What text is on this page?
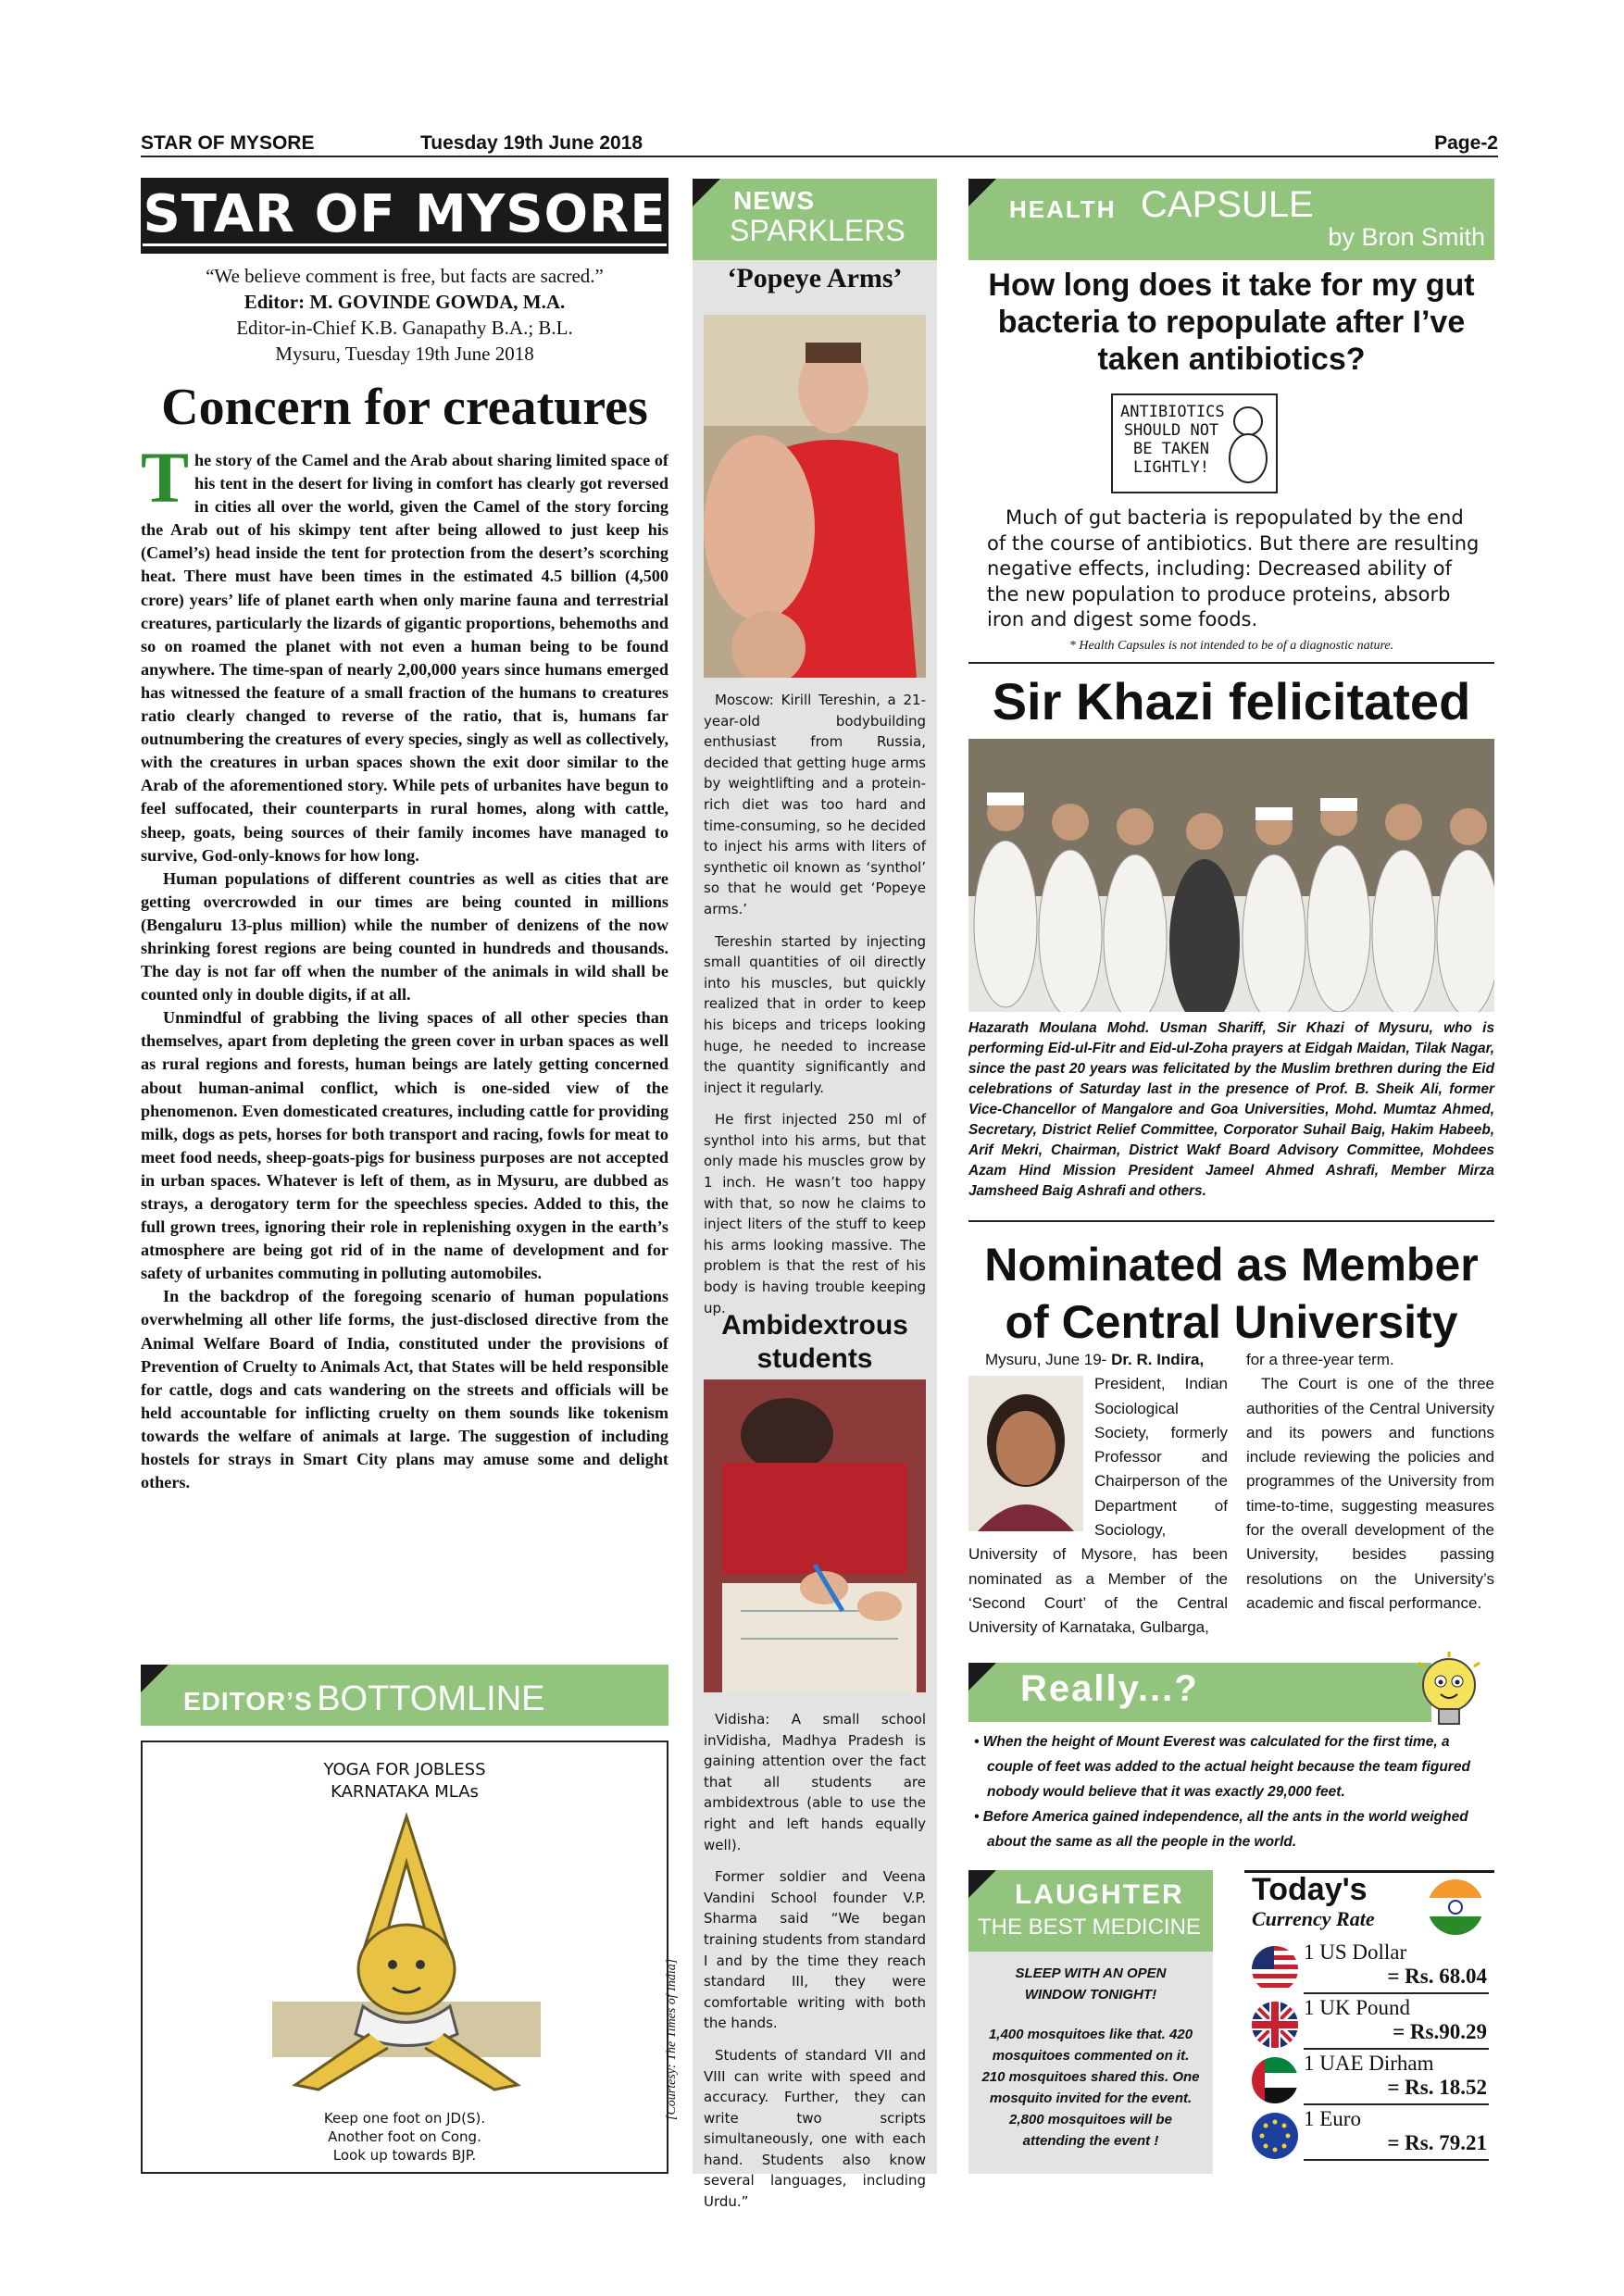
STAR OF MYSORE	Tuesday 19th June 2018	Page-2
STAR OF MYSORE
“We believe comment is free, but facts are sacred.”
Editor: M. GOVINDE GOWDA, M.A.
Editor-in-Chief K.B. Ganapathy B.A.; B.L.
Mysuru, Tuesday 19th June 2018
Concern for creatures

The story of the Camel and the Arab about sharing limited space of his tent in the desert for living in comfort has clearly got reversed in cities all over the world, given the Camel of the story forcing the Arab out of his skimpy tent after being allowed to just keep his (Camel’s) head inside the tent for protection from the desert’s scorching heat. There must have been times in the estimated 4.5 billion (4,500 crore) years’ life of planet earth when only marine fauna and terrestrial creatures, particularly the lizards of gigantic proportions, behemoths and so on roamed the planet with not even a human being to be found anywhere. The time-span of nearly 2,00,000 years since humans emerged has witnessed the feature of a small fraction of the humans to creatures ratio clearly changed to reverse of the ratio, that is, humans far outnumbering the creatures of every species, singly as well as collectively, with the creatures in urban spaces shown the exit door similar to the Arab of the aforementioned story. While pets of urbanites have begun to feel suffocated, their counterparts in rural homes, along with cattle, sheep, goats, being sources of their family incomes have managed to survive, God-only-knows for how long.

Human populations of different countries as well as cities that are getting overcrowded in our times are being counted in millions (Bengaluru 13-plus million) while the number of denizens of the now shrinking forest regions are being counted in hundreds and thousands. The day is not far off when the number of the animals in wild shall be counted only in double digits, if at all.

Unmindful of grabbing the living spaces of all other species than themselves, apart from depleting the green cover in urban spaces as well as rural regions and forests, human beings are lately getting concerned about human-animal conflict, which is one-sided view of the phenomenon. Even domesticated creatures, including cattle for providing milk, dogs as pets, horses for both transport and racing, fowls for meat to meet food needs, sheep-goats-pigs for business purposes are not accepted in urban spaces. Whatever is left of them, as in Mysuru, are dubbed as strays, a derogatory term for the speechless species. Added to this, the full grown trees, ignoring their role in replenishing oxygen in the earth’s atmosphere are being got rid of in the name of development and for safety of urbanites commuting in polluting automobiles.

In the backdrop of the foregoing scenario of human populations overwhelming all other life forms, the just-disclosed directive from the Animal Welfare Board of India, constituted under the provisions of Prevention of Cruelty to Animals Act, that States will be held responsible for cattle, dogs and cats wandering on the streets and officials will be held accountable for inflicting cruelty on them sounds like tokenism towards the welfare of animals at large. The suggestion of including hostels for strays in Smart City plans may amuse some and delight others.

EDITOR’S BOTTOMLINE
YOGA FOR JOBLESS
KARNATAKA MLAs
Keep one foot on JD(S).
Another foot on Cong.
Look up towards BJP.
NEWS
SPARKLERS
‘Popeye Arms’

Moscow: Kirill Tereshin, a 21-year-old bodybuilding enthusiast from Russia, decided that getting huge arms by weightlifting and a protein-rich diet was too hard and time-consuming, so he decided to inject his arms with liters of synthetic oil known as ‘synthol’ so that he would get ‘Popeye arms.’

Tereshin started by injecting small quantities of oil directly into his muscles, but quickly realized that in order to keep his biceps and triceps looking huge, he needed to increase the quantity significantly and inject it regularly.

He first injected 250 ml of synthol into his arms, but that only made his muscles grow by 1 inch. He wasn’t too happy with that, so now he claims to inject liters of the stuff to keep his arms looking massive. The problem is that the rest of his body is having trouble keeping up.

Ambidextrous
students

Vidisha: A small school inVidisha, Madhya Pradesh is gaining attention over the fact that all students are ambidextrous (able to use the right and left hands equally well).

Former soldier and Veena Vandini School founder V.P. Sharma said “We began training students from standard I and by the time they reach standard III, they were comfortable writing with both the hands.

Students of standard VII and VIII can write with speed and accuracy. Further, they can write two scripts simultaneously, one with each hand. Students also know several languages, including Urdu.”

[Courtesy: The Times of India]
HEALTH CAPSULE
by Bron Smith
How long does it take for my gut bacteria to repopulate after I’ve taken antibiotics?
ANTIBIOTICS SHOULD NOT BE TAKEN LIGHTLY!
Much of gut bacteria is repopulated by the end of the course of antibiotics. But there are resulting negative effects, including: Decreased ability of the new population to produce proteins, absorb iron and digest some foods.
* Health Capsules is not intended to be of a diagnostic nature.
Sir Khazi felicitated
Hazarath Moulana Mohd. Usman Shariff, Sir Khazi of Mysuru, who is performing Eid-ul-Fitr and Eid-ul-Zoha prayers at Eidgah Maidan, Tilak Nagar, since the past 20 years was felicitated by the Muslim brethren during the Eid celebrations of Saturday last in the presence of Prof. B. Sheik Ali, former Vice-Chancellor of Mangalore and Goa Universities, Mohd. Mumtaz Ahmed, Secretary, District Relief Committee, Corporator Suhail Baig, Hakim Habeeb, Arif Mekri, Chairman, District Wakf Board Advisory Committee, Mohdees Azam Hind Mission President Jameel Ahmed Ashrafi, Member Mirza Jamsheed Baig Ashrafi and others.
Nominated as Member
of Central University
Mysuru, June 19- Dr. R. Indira,
President, Indian Sociological Society, formerly Professor and Chairperson of the Department of Sociology, University of Mysore, has been nominated as a Member of the ‘Second Court’ of the Central University of Karnataka, Gulbarga,
for a three-year term.
The Court is one of the three authorities of the Central University and its powers and functions include reviewing the policies and programmes of the University from time-to-time, suggesting measures for the overall development of the University, besides passing resolutions on the University’s academic and fiscal performance.
Really...?
• When the height of Mount Everest was calculated for the first time, a couple of feet was added to the actual height because the team figured nobody would believe that it was exactly 29,000 feet.
• Before America gained independence, all the ants in the world weighed about the same as all the people in the world.
LAUGHTER
THE BEST MEDICINE
SLEEP WITH AN OPEN WINDOW TONIGHT!
1,400 mosquitoes like that. 420 mosquitoes commented on it. 210 mosquitoes shared this. One mosquito invited for the event. 2,800 mosquitoes will be attending the event !
Today's
Currency Rate
1 US Dollar
= Rs. 68.04
1 UK Pound
= Rs.90.29
1 UAE Dirham
= Rs. 18.52
1 Euro
= Rs. 79.21
